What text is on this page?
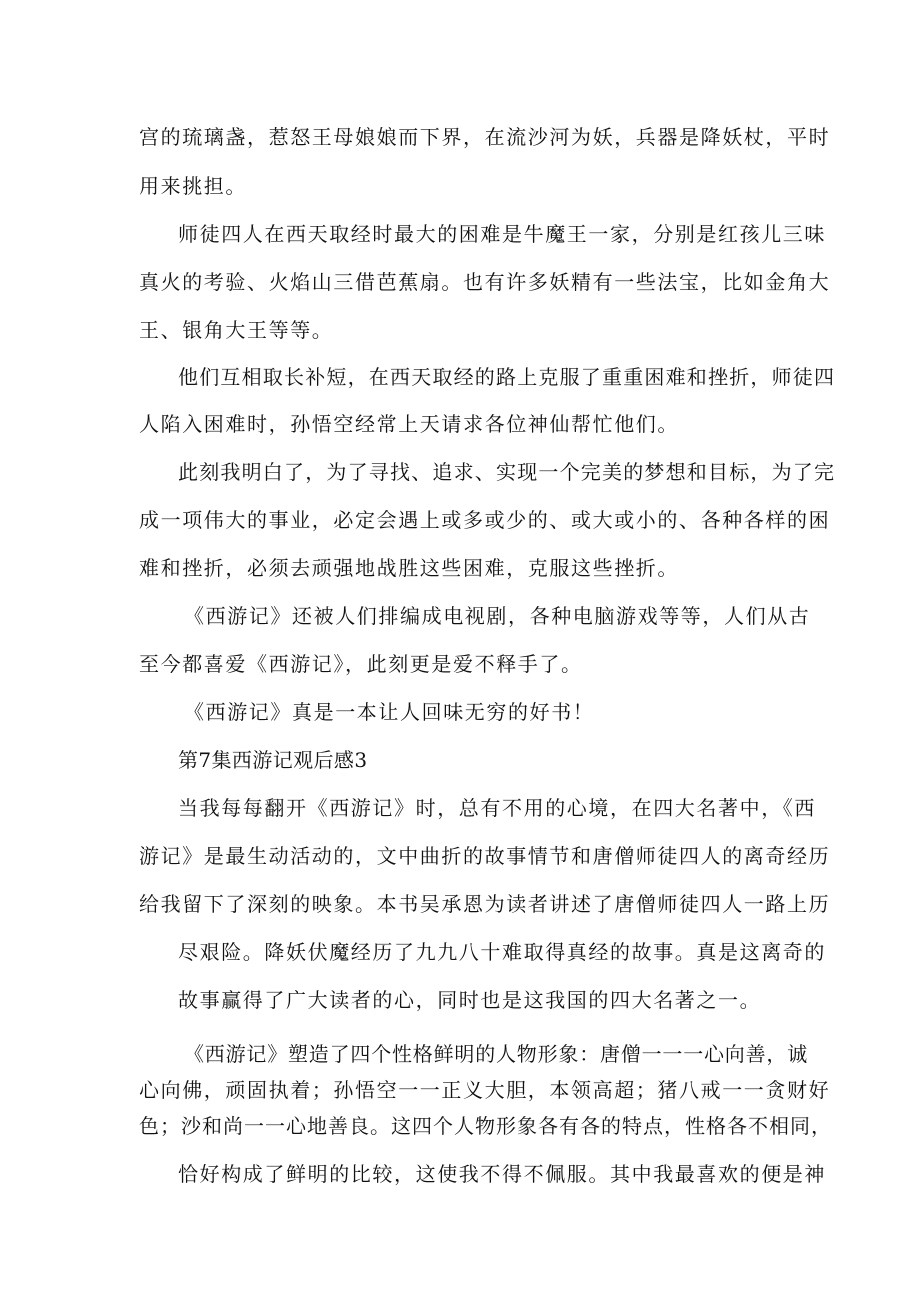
宫的琉璃盏，惹怒王母娘娘而下界，在流沙河为妖，兵器是降妖杖，平时
用来挑担。
师徒四人在西天取经时最大的困难是牛魔王一家，分别是红孩儿三味
真火的考验、火焰山三借芭蕉扇。也有许多妖精有一些法宝，比如金角大
王、银角大王等等。
他们互相取长补短，在西天取经的路上克服了重重困难和挫折，师徒四
人陷入困难时，孙悟空经常上天请求各位神仙帮忙他们。
此刻我明白了，为了寻找、追求、实现一个完美的梦想和目标，为了完
成一项伟大的事业，必定会遇上或多或少的、或大或小的、各种各样的困
难和挫折，必须去顽强地战胜这些困难，克服这些挫折。
《西游记》还被人们排编成电视剧，各种电脑游戏等等，人们从古
至今都喜爱《西游记》，此刻更是爱不释手了。
《西游记》真是一本让人回味无穷的好书！
第7集西游记观后感3
当我每每翻开《西游记》时，总有不用的心境，在四大名著中，《西
游记》是最生动活动的，文中曲折的故事情节和唐僧师徒四人的离奇经历
给我留下了深刻的映象。本书吴承恩为读者讲述了唐僧师徒四人一路上历
尽艰险。降妖伏魔经历了九九八十难取得真经的故事。真是这离奇的
故事赢得了广大读者的心，同时也是这我国的四大名著之一。
《西游记》塑造了四个性格鲜明的人物形象：唐僧一一一心向善，诚
心向佛，顽固执着；孙悟空一一正义大胆，本领高超；猪八戒一一贪财好
色；沙和尚一一心地善良。这四个人物形象各有各的特点，性格各不相同，
恰好构成了鲜明的比较，这使我不得不佩服。其中我最喜欢的便是神
